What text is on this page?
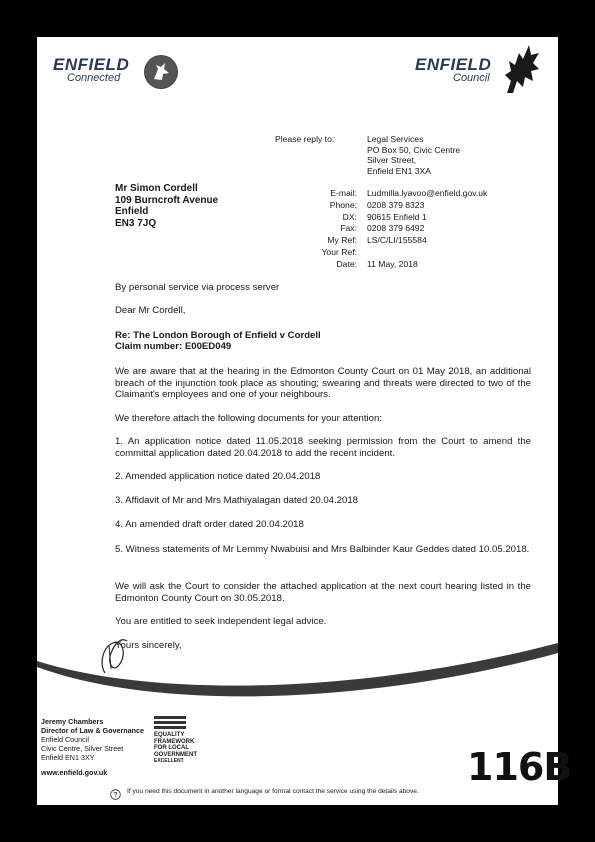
ENFIELD
Connected
ENFIELD
Council
Please reply to:	Legal Services
PO Box 50, Civic Centre
Silver Street,
Enfield EN1 3XA
Mr Simon Cordell
109 Burncroft Avenue
Enfield
EN3 7JQ
E-mail:
Phone:
DX:
Fax:
My Ref:
Your Ref:
Date:
Ludmilla.lyavoo@enfield.gov.uk
0208 379 8323
90615 Enfield 1
0208 379 6492
LS/C/LI/155584
11 May, 2018
By personal service via process server
Dear Mr Cordell,
Re: The London Borough of Enfield v Cordell
Claim number: E00ED049
We are aware that at the hearing in the Edmonton County Court on 01 May 2018, an additional breach of the injunction took place as shouting; swearing and threats were directed to two of the Claimant's employees and one of your neighbours.
We therefore attach the following documents for your attention:
1. An application notice dated 11.05.2018 seeking permission from the Court to amend the committal application dated 20.04.2018 to add the recent incident.
2. Amended application notice dated 20.04.2018
3. Affidavit of Mr and Mrs Mathiyalagan dated 20.04.2018
4. An amended draft order dated 20.04.2018
5. Witness statements of Mr Lemmy Nwabuisi and Mrs Balbinder Kaur Geddes dated 10.05.2018.
We will ask the Court to consider the attached application at the next court hearing listed in the Edmonton County Court on 30.05.2018.
You are entitled to seek independent legal advice.
Yours sincerely,
Jeremy Chambers
Director of Law & Governance
Enfield Council
Civic Centre, Silver Street
Enfield EN1 3XY
www.enfield.gov.uk
EQUALITY
FRAMEWORK
FOR LOCAL
GOVERNMENT
EXCELLENT
?
If you need this document in another language or format contact the service using the details above.
116B
